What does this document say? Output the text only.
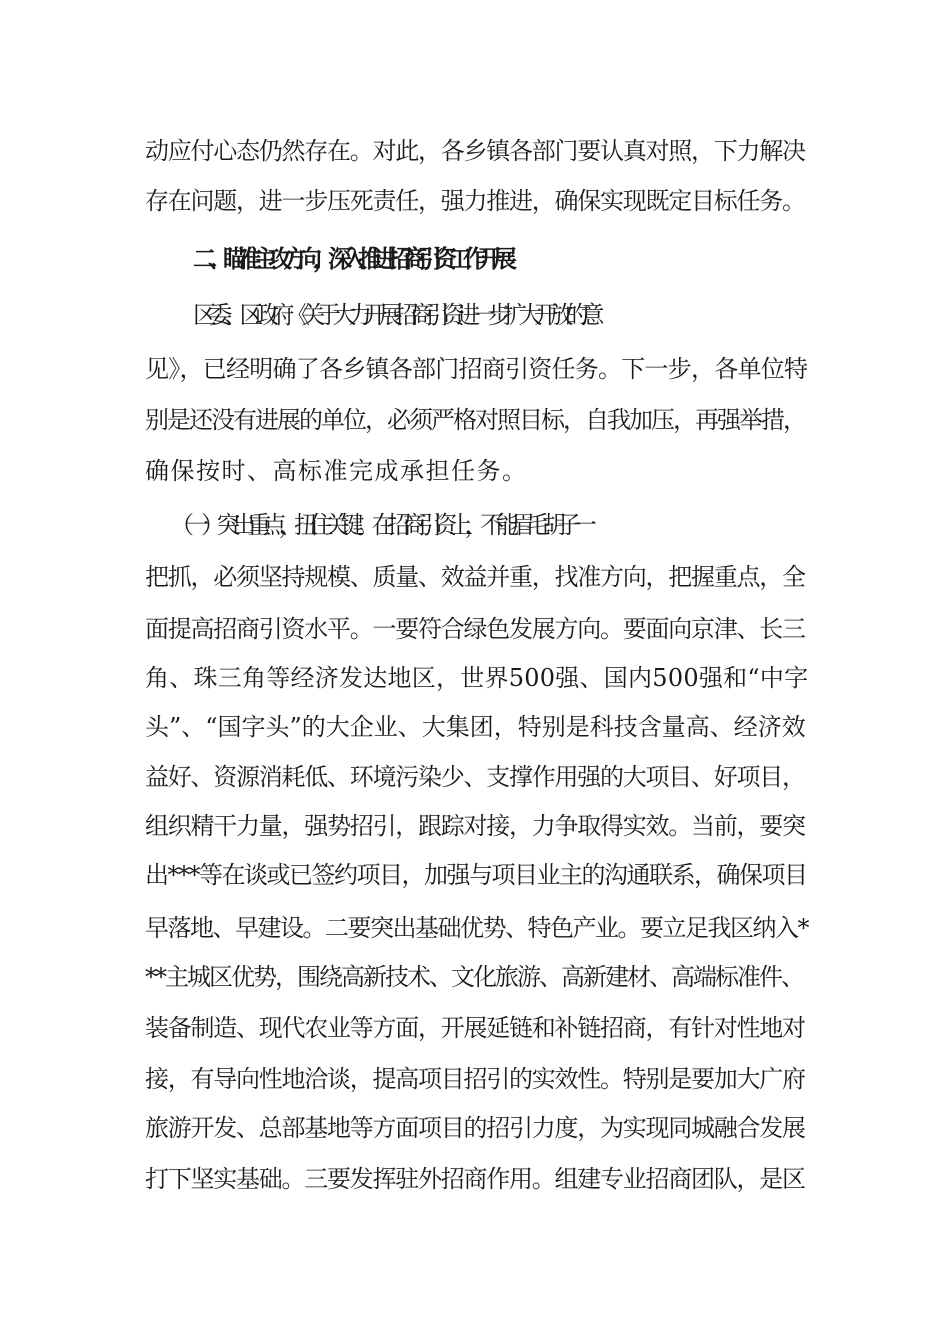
动应付心态仍然存在。对此，各乡镇各部门要认真对照，下力解决
存在问题，进一步压死责任，强力推进，确保实现既定目标任务。
二、瞄准主攻方向，深入推进招商引资工作开展
区委、区政府《关于大力开展招商引资进一步扩大开放的意
见》，已经明确了各乡镇各部门招商引资任务。下一步，各单位特
别是还没有进展的单位，必须严格对照目标，自我加压，再强举措，
确保按时、高标准完成承担任务。
（一）突出重点，扭住关键。在招商引资上，不能眉毛胡子一
把抓，必须坚持规模、质量、效益并重，找准方向，把握重点，全
面提高招商引资水平。一要符合绿色发展方向。要面向京津、长三
角、珠三角等经济发达地区，世界500强、国内500强和“中字
头”、“国字头”的大企业、大集团，特别是科技含量高、经济效
益好、资源消耗低、环境污染少、支撑作用强的大项目、好项目，
组织精干力量，强势招引，跟踪对接，力争取得实效。当前，要突
出***等在谈或已签约项目，加强与项目业主的沟通联系，确保项目
早落地、早建设。二要突出基础优势、特色产业。要立足我区纳入*
**主城区优势，围绕高新技术、文化旅游、高新建材、高端标准件、
装备制造、现代农业等方面，开展延链和补链招商，有针对性地对
接，有导向性地洽谈，提高项目招引的实效性。特别是要加大广府
旅游开发、总部基地等方面项目的招引力度，为实现同城融合发展
打下坚实基础。三要发挥驻外招商作用。组建专业招商团队，是区
